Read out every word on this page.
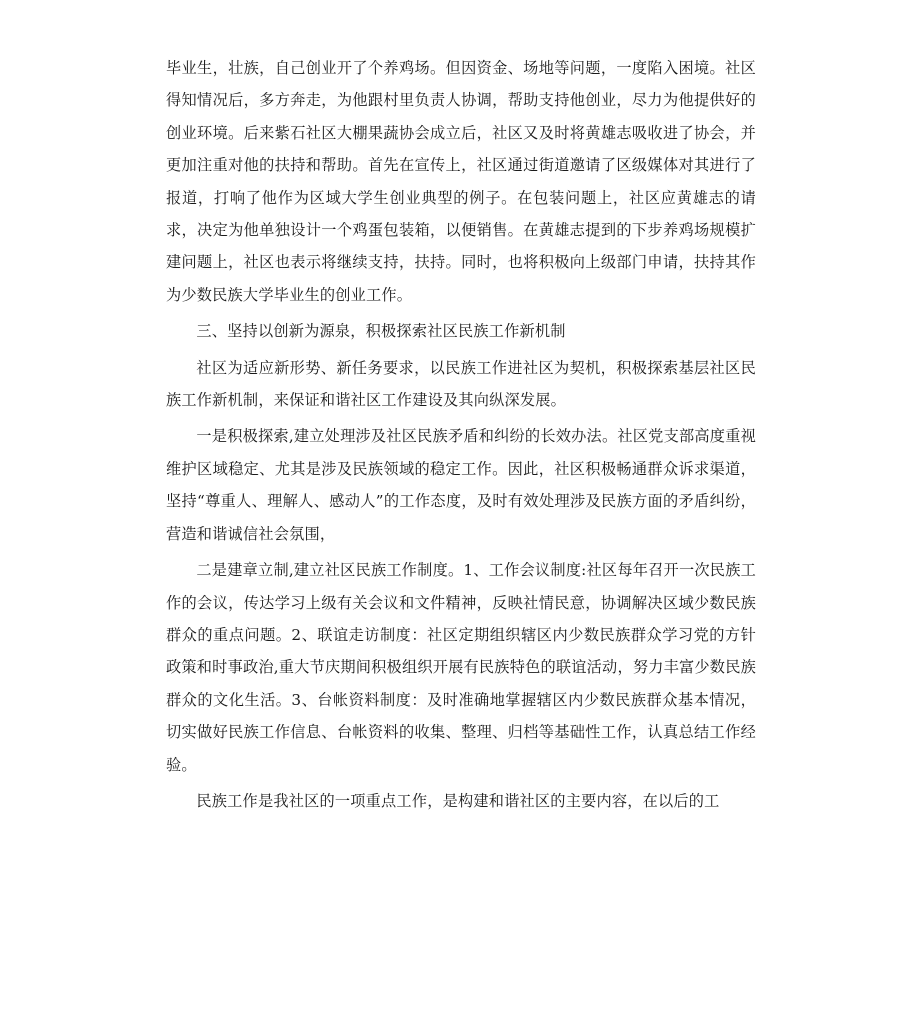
毕业生，壮族，自己创业开了个养鸡场。但因资金、场地等问题，一度陷入困境。社区得知情况后，多方奔走，为他跟村里负责人协调，帮助支持他创业，尽力为他提供好的创业环境。后来紫石社区大棚果蔬协会成立后，社区又及时将黄雄志吸收进了协会，并更加注重对他的扶持和帮助。首先在宣传上，社区通过街道邀请了区级媒体对其进行了报道，打响了他作为区域大学生创业典型的例子。在包装问题上，社区应黄雄志的请求，决定为他单独设计一个鸡蛋包装箱，以便销售。在黄雄志提到的下步养鸡场规模扩建问题上，社区也表示将继续支持，扶持。同时，也将积极向上级部门申请，扶持其作为少数民族大学毕业生的创业工作。

三、坚持以创新为源泉，积极探索社区民族工作新机制

社区为适应新形势、新任务要求，以民族工作进社区为契机，积极探索基层社区民族工作新机制，来保证和谐社区工作建设及其向纵深发展。

一是积极探索,建立处理涉及社区民族矛盾和纠纷的长效办法。社区党支部高度重视维护区域稳定、尤其是涉及民族领域的稳定工作。因此，社区积极畅通群众诉求渠道，坚持“尊重人、理解人、感动人”的工作态度，及时有效处理涉及民族方面的矛盾纠纷，营造和谐诚信社会氛围，

二是建章立制,建立社区民族工作制度。1、工作会议制度:社区每年召开一次民族工作的会议，传达学习上级有关会议和文件精神，反映社情民意，协调解决区域少数民族群众的重点问题。2、联谊走访制度：社区定期组织辖区内少数民族群众学习党的方针政策和时事政治,重大节庆期间积极组织开展有民族特色的联谊活动，努力丰富少数民族群众的文化生活。3、台帐资料制度：及时准确地掌握辖区内少数民族群众基本情况，切实做好民族工作信息、台帐资料的收集、整理、归档等基础性工作，认真总结工作经验。

民族工作是我社区的一项重点工作，是构建和谐社区的主要内容，在以后的工
